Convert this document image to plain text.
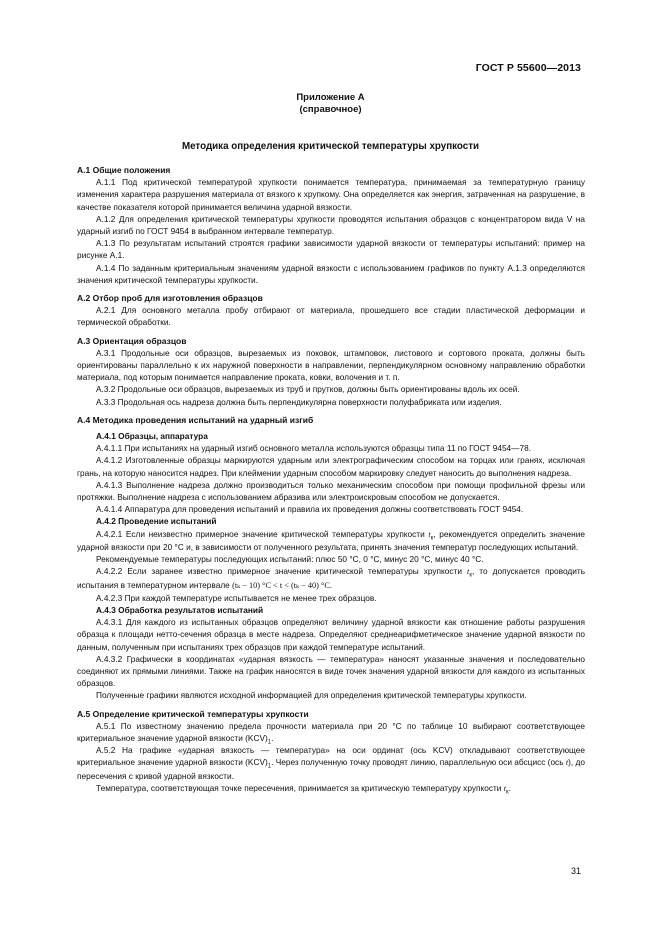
ГОСТ Р 55600—2013
Приложение А
(справочное)
Методика определения критической температуры хрупкости
А.1 Общие положения

А.1.1 Под критической температурой хрупкости понимается температура, принимаемая за температурную границу изменения характера разрушения материала от вязкого к хрупкому. Она определяется как энергия, затраченная на разрушение, в качестве показателя которой принимается величина ударной вязкости.

А.1.2 Для определения критической температуры хрупкости проводятся испытания образцов с концентратором вида V на ударный изгиб по ГОСТ 9454 в выбранном интервале температур.

А.1.3 По результатам испытаний строятся графики зависимости ударной вязкости от температуры испытаний: пример на рисунке А.1.

А.1.4 По заданным критериальным значениям ударной вязкости с использованием графиков по пункту А.1.3 определяются значения критической температуры хрупкости.

А.2 Отбор проб для изготовления образцов

А.2.1 Для основного металла пробу отбирают от материала, прошедшего все стадии пластической деформации и термической обработки.

А.3 Ориентация образцов

А.3.1 Продольные оси образцов, вырезаемых из поковок, штамповок, листового и сортового проката, должны быть ориентированы параллельно к их наружной поверхности в направлении, перпендикулярном основному направлению обработки материала, под которым понимается направление проката, ковки, волочения и т. п.

А.3.2 Продольные оси образцов, вырезаемых из труб и прутков, должны быть ориентированы вдоль их осей.

А.3.3 Продольная ось надреза должна быть перпендикулярна поверхности полуфабриката или изделия.

А.4 Методика проведения испытаний на ударный изгиб

А.4.1 Образцы, аппаратура

А.4.1.1 При испытаниях на ударный изгиб основного металла используются образцы типа 11 по ГОСТ 9454—78.

А.4.1.2 Изготовленные образцы маркируются ударным или электрографическим способом на торцах или гранях, исключая грань, на которую наносится надрез. При клеймении ударным способом маркировку следует наносить до выполнения надреза.

А.4.1.3 Выполнение надреза должно производиться только механическим способом при помощи профильной фрезы или протяжки. Выполнение надреза с использованием абразива или электроискровым способом не допускается.

А.4.1.4 Аппаратура для проведения испытаний и правила их проведения должны соответствовать ГОСТ 9454.

А.4.2 Проведение испытаний

А.4.2.1 Если неизвестно примерное значение критической температуры хрупкости $t_к$, рекомендуется определить значение ударной вязкости при 20 °С и, в зависимости от полученного результата, принять значения температур последующих испытаний.

Рекомендуемые температуры последующих испытаний: плюс 50 °С, 0 °С, минус 20 °С, минус 40 °С.

А.4.2.2 Если заранее известно примерное значение критической температуры хрупкости $t_к$, то допускается проводить испытания в температурном интервале (tₖ − 10) °C < t < (tₖ − 40) °C.

А.4.2.3 При каждой температуре испытывается не менее трех образцов.

А.4.3 Обработка результатов испытаний

А.4.3.1 Для каждого из испытанных образцов определяют величину ударной вязкости как отношение работы разрушения образца к площади нетто-сечения образца в месте надреза. Определяют среднеарифметическое значение ударной вязкости по данным, полученным при испытаниях трех образцов при каждой температуре испытаний.

А.4.3.2 Графически в координатах «ударная вязкость — температура» наносят указанные значения и последовательно соединяют их прямыми линиями. Также на график наносятся в виде точек значения ударной вязкости для каждого из испытанных образцов.

Полученные графики являются исходной информацией для определения критической температуры хрупкости.

А.5 Определение критической температуры хрупкости

А.5.1 По известному значению предела прочности материала при 20 °С по таблице 10 выбирают соответствующее критериальное значение ударной вязкости $(KCV)_1$.

А.5.2 На графике «ударная вязкость — температура» на оси ординат (ось KCV) откладывают соответствующее критериальное значение ударной вязкости $(KCV)_1$. Через полученную точку проводят линию, параллельную оси абсцисс (ось t), до пересечения с кривой ударной вязкости.

Температура, соответствующая точке пересечения, принимается за критическую температуру хрупкости $t_к$.

31
